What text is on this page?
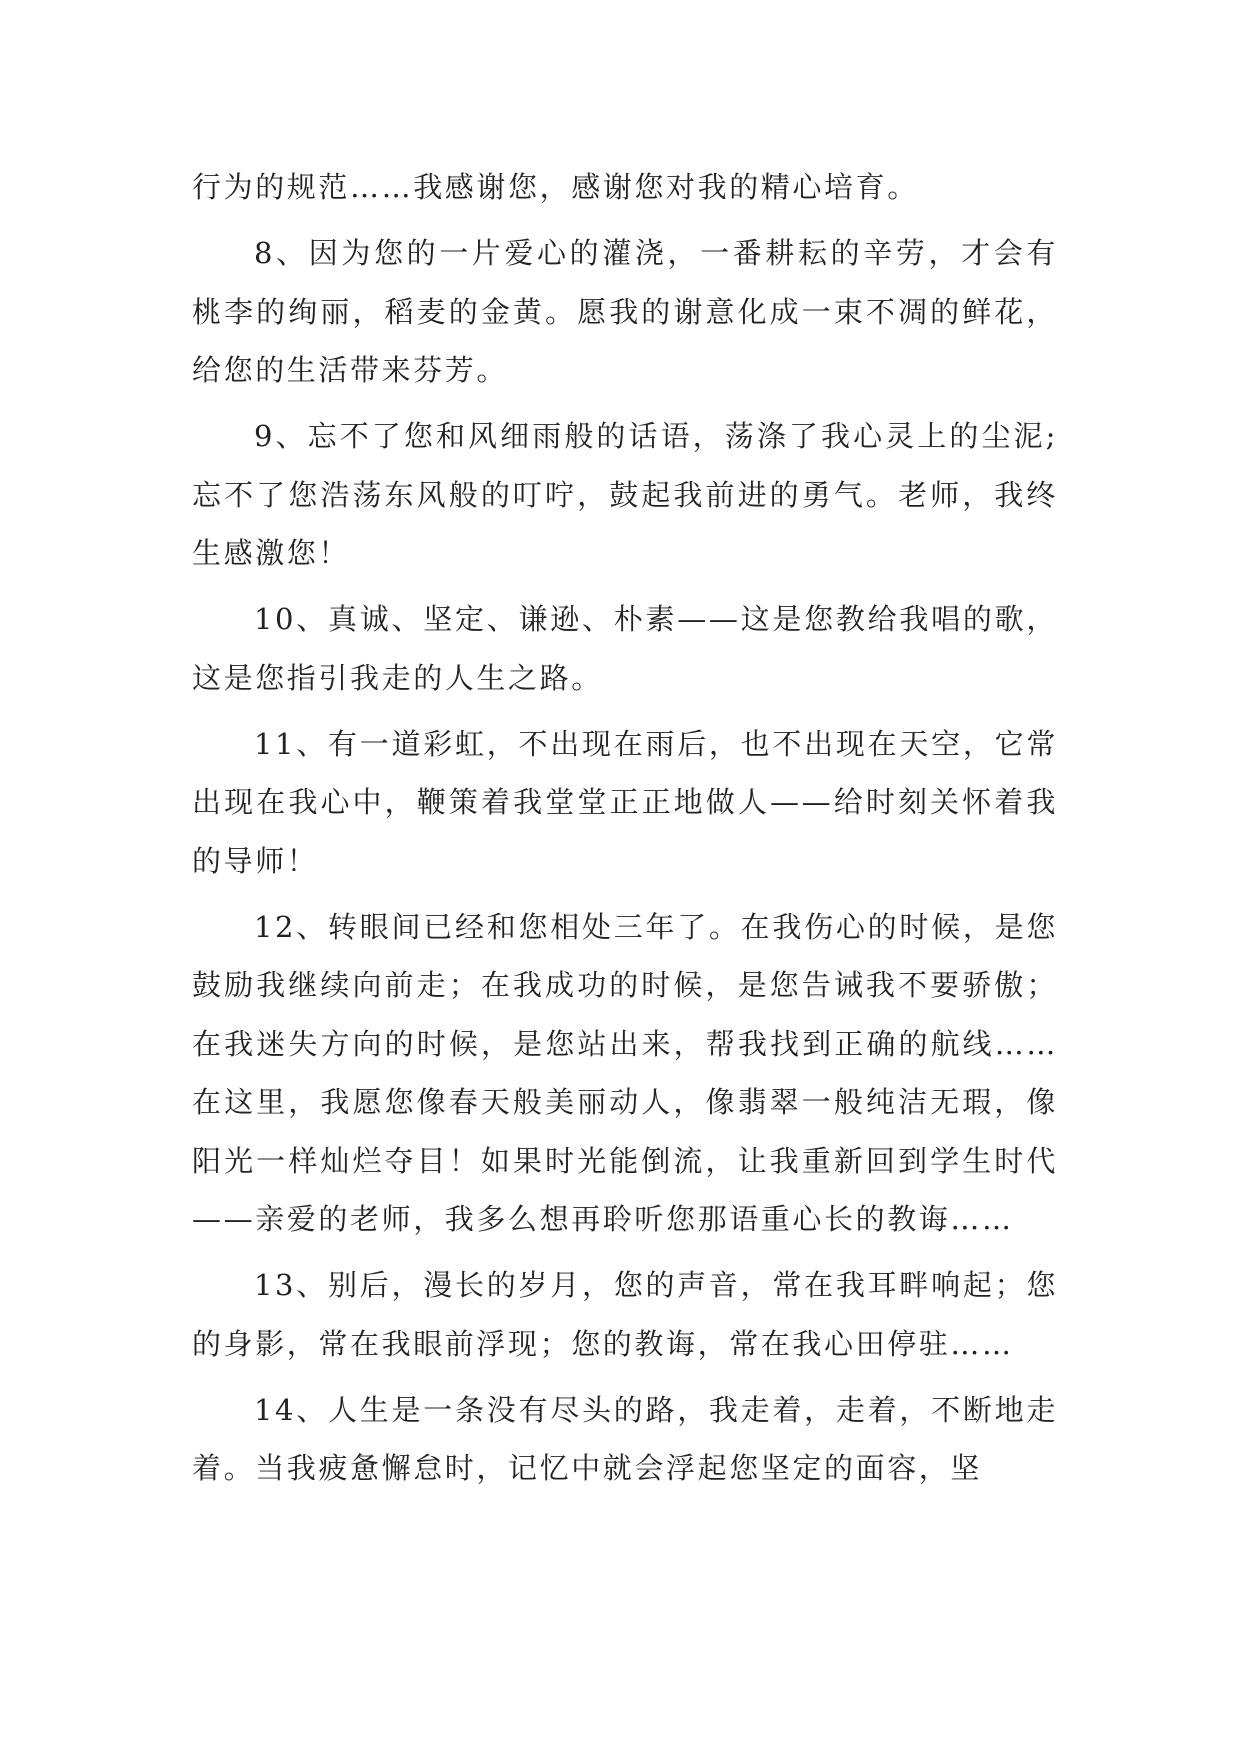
行为的规范……我感谢您，感谢您对我的精心培育。

8、因为您的一片爱心的灌浇，一番耕耘的辛劳，才会有桃李的绚丽，稻麦的金黄。愿我的谢意化成一束不凋的鲜花，给您的生活带来芬芳。

9、忘不了您和风细雨般的话语，荡涤了我心灵上的尘泥;忘不了您浩荡东风般的叮咛，鼓起我前进的勇气。老师，我终生感激您！

10、真诚、坚定、谦逊、朴素——这是您教给我唱的歌，这是您指引我走的人生之路。

11、有一道彩虹，不出现在雨后，也不出现在天空，它常出现在我心中，鞭策着我堂堂正正地做人——给时刻关怀着我的导师！

12、转眼间已经和您相处三年了。在我伤心的时候，是您鼓励我继续向前走；在我成功的时候，是您告诫我不要骄傲；在我迷失方向的时候，是您站出来，帮我找到正确的航线……在这里，我愿您像春天般美丽动人，像翡翠一般纯洁无瑕，像阳光一样灿烂夺目！如果时光能倒流，让我重新回到学生时代——亲爱的老师，我多么想再聆听您那语重心长的教诲……

13、别后，漫长的岁月，您的声音，常在我耳畔响起；您的身影，常在我眼前浮现；您的教诲，常在我心田停驻……

14、人生是一条没有尽头的路，我走着，走着，不断地走着。当我疲惫懈怠时，记忆中就会浮起您坚定的面容，坚
